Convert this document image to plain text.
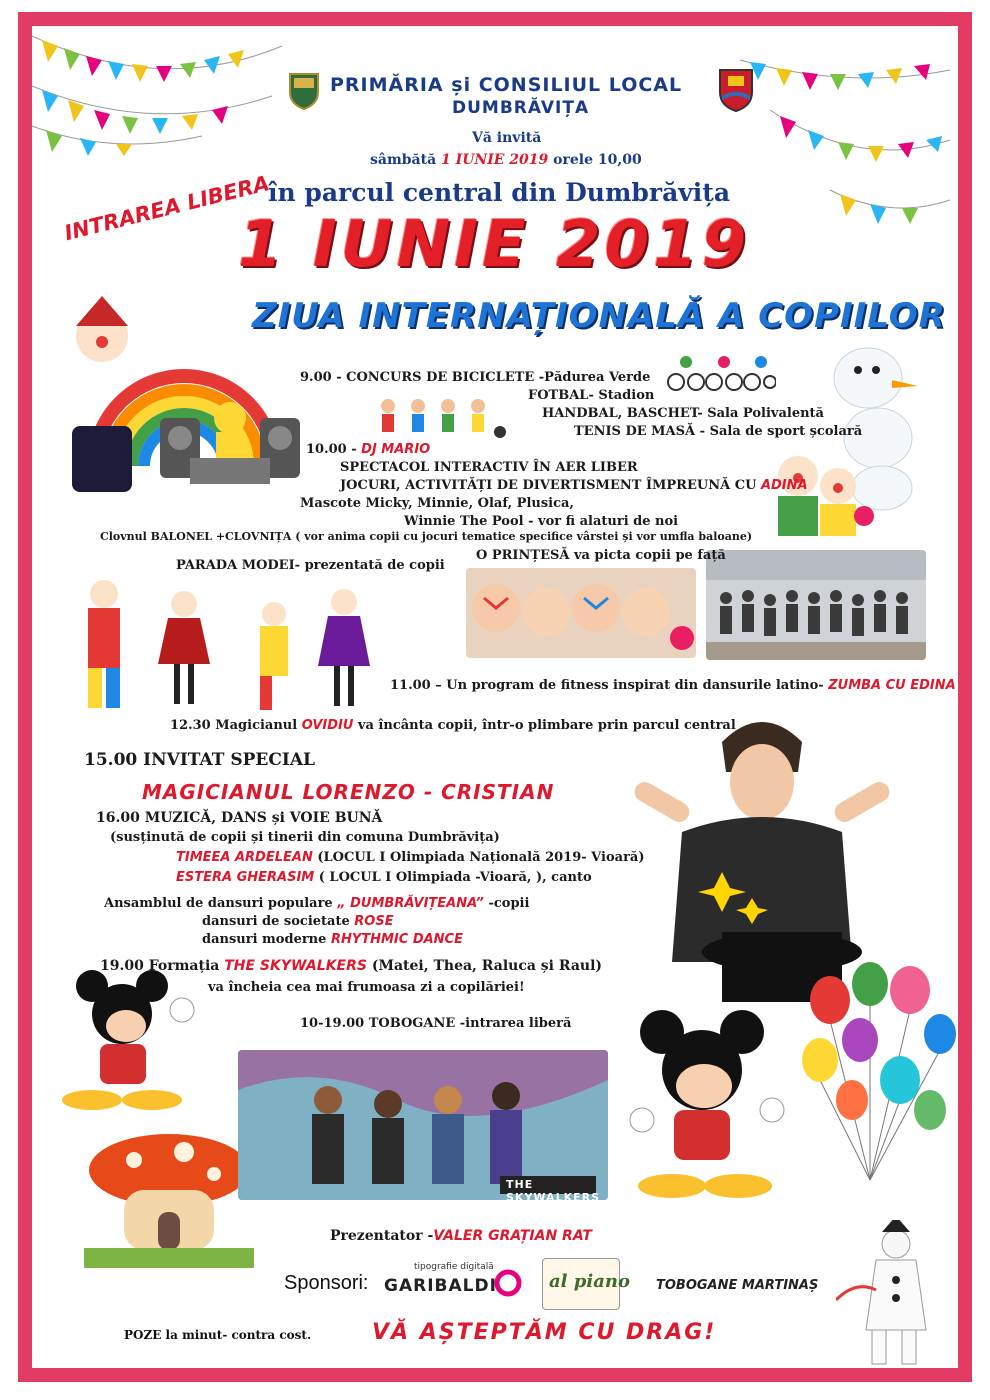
PRIMĂRIA și CONSILIUL LOCAL
DUMBRĂVIȚA
Vă invită
sâmbătă 1 IUNIE 2019 orele 10,00
INTRAREA LIBERA
în parcul central din Dumbrăvița
1 IUNIE 2019
ZIUA INTERNAȚIONALĂ A COPIILOR
THE SKYWALKERS
9.00 - CONCURS DE BICICLETE -Pădurea Verde
FOTBAL- Stadion
HANDBAL, BASCHET- Sala Polivalentă
TENIS DE MASĂ - Sala de sport școlară
10.00 - DJ MARIO
SPECTACOL INTERACTIV ÎN AER LIBER
JOCURI, ACTIVITĂȚI DE DIVERTISMENT ÎMPREUNĂ CU ADINA
Mascote Micky, Minnie, Olaf, Plusica,
Winnie The Pool - vor fi alaturi de noi
Clovnul BALONEL +CLOVNIȚA ( vor anima copii cu jocuri tematice specifice vârstei și vor umfla baloane)
O PRINȚESĂ va picta copii pe față
PARADA MODEI- prezentată de copii
11.00 – Un program de fitness inspirat din dansurile latino- ZUMBA CU EDINA
12.30 Magicianul OVIDIU va încânta copii, într-o plimbare prin parcul central
15.00 INVITAT SPECIAL
MAGICIANUL LORENZO - CRISTIAN
16.00 MUZICĂ, DANS și VOIE BUNĂ
(susținută de copii și tinerii din comuna Dumbrăvița)
TIMEEA ARDELEAN (LOCUL I Olimpiada Națională 2019- Vioară)
ESTERA GHERASIM ( LOCUL I Olimpiada -Vioară, ), canto
Ansamblul de dansuri populare „ DUMBRĂVIȚEANA” -copii
dansuri de societate ROSE
dansuri moderne RHYTHMIC DANCE
19.00 Formația THE SKYWALKERS (Matei, Thea, Raluca și Raul)
va încheia cea mai frumoasa zi a copilăriei!
10-19.00 TOBOGANE -intrarea liberă
Prezentator -VALER GRAȚIAN RAT
Sponsori:
tipografie digitală
GARIBALDI	al piano TOBOGANE MARTINAȘ
POZE la minut- contra cost.	VĂ AȘTEPTĂM CU DRAG!
